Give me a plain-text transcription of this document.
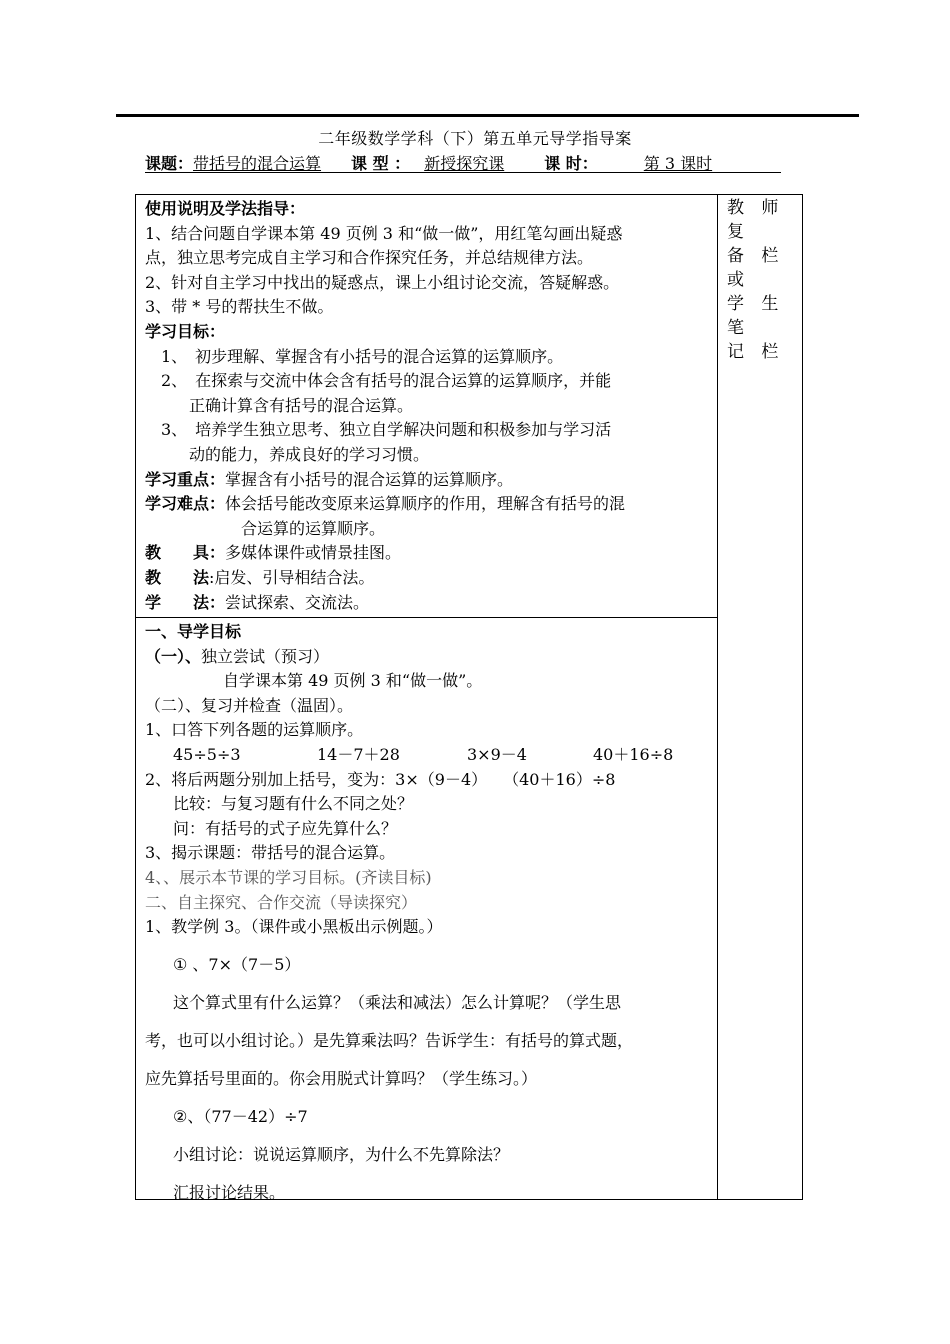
二年级数学学科（下）第五单元导学指导案
课题：带括号的混合运算 课 型 ： 新授探究课	课 时：	第 3 课时
教 师 复
备 栏 或
学 生 笔
记 栏
使用说明及学法指导：
1、结合问题自学课本第 49 页例 3 和“做一做”，用红笔勾画出疑惑
点，独立思考完成自主学习和合作探究任务，并总结规律方法。
2、针对自主学习中找出的疑惑点，课上小组讨论交流，答疑解惑。
3、带 * 号的帮扶生不做。
学习目标：
1、　初步理解、掌握含有小括号的混合运算的运算顺序。
2、　在探索与交流中体会含有括号的混合运算的运算顺序，并能
正确计算含有括号的混合运算。
3、　培养学生独立思考、独立自学解决问题和积极参加与学习活
动的能力，养成良好的学习习惯。
学习重点：掌握含有小括号的混合运算的运算顺序。
学习难点：体会括号能改变原来运算顺序的作用，理解含有括号的混
合运算的运算顺序。
教　　具：多媒体课件或情景挂图。
教　　法:启发、引导相结合法。
学　　法：尝试探索、交流法。
一、导学目标
（一）、独立尝试（预习）
自学课本第 49 页例 3 和“做一做”。
（二）、复习并检查（温固）。
1、口答下列各题的运算顺序。
45÷5÷3	14－7＋28	3×9－4	40＋16÷8
2、将后两题分别加上括号，变为：3×（9－4）　　（40＋16）÷8
比较：与复习题有什么不同之处？
问：有括号的式子应先算什么？
3、揭示课题：带括号的混合运算。
4、、展示本节课的学习目标。(齐读目标)
二、自主探究、合作交流（导读探究）
1、教学例 3。（课件或小黑板出示例题。）
① 、7×（7－5）
这个算式里有什么运算？（乘法和减法）怎么计算呢？（学生思
考，也可以小组讨论。）是先算乘法吗？告诉学生：有括号的算式题，
应先算括号里面的。你会用脱式计算吗？（学生练习。）
②、（77－42）÷7
小组讨论：说说运算顺序，为什么不先算除法？
汇报讨论结果。
